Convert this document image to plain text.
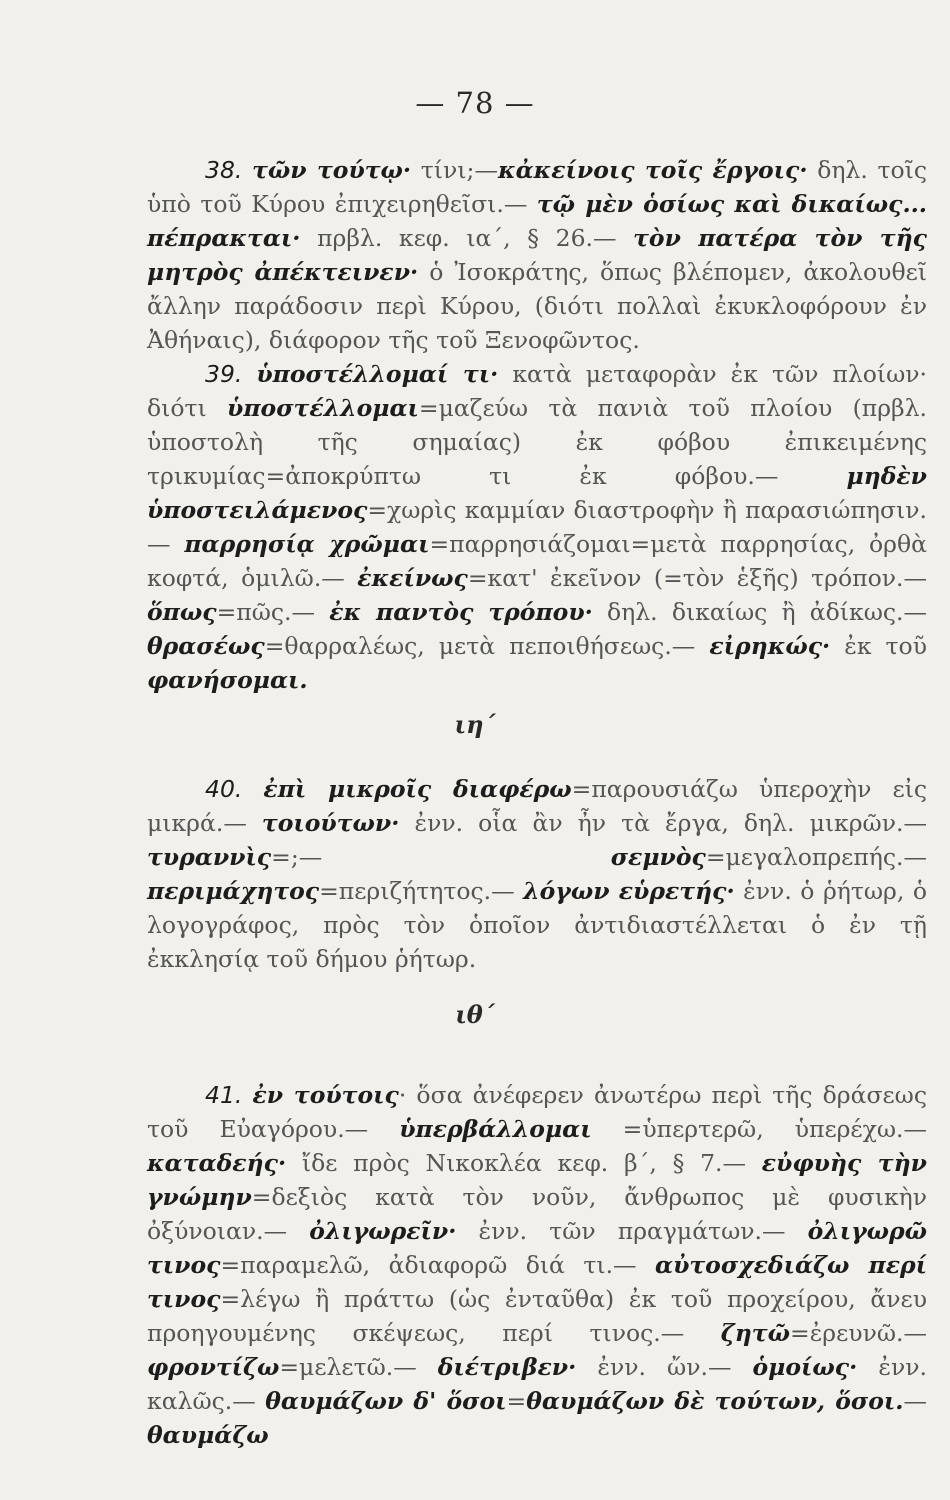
— 78 —

38. τῶν τούτῳ· τίνι;—κἀκείνοις τοῖς ἔργοις· δηλ. τοῖς ὑπὸ τοῦ Κύρου ἐπιχειρηθεῖσι.— τῷ μὲν ὁσίως καὶ δικαίως... πέπρακται· πρβλ. κεφ. ια΄, § 26.— τὸν πατέρα τὸν τῆς μητρὸς ἀπέκτεινεν· ὁ Ἰσοκράτης, ὅπως βλέπομεν, ἀκολουθεῖ ἄλλην παράδοσιν περὶ Κύρου, (διότι πολλαὶ ἐκυκλοφόρουν ἐν Ἀθήναις), διάφορον τῆς τοῦ Ξενοφῶντος.

39. ὑποστέλλομαί τι· κατὰ μεταφορὰν ἐκ τῶν πλοίων· διότι ὑποστέλλομαι=μαζεύω τὰ πανιὰ τοῦ πλοίου (πρβλ. ὑποστολὴ τῆς σημαίας) ἐκ φόβου ἐπικειμένης τρικυμίας=ἀποκρύπτω τι ἐκ φόβου.— μηδὲν ὑποστειλάμενος=χωρὶς καμμίαν διαστροφὴν ἢ παρασιώπησιν.— παρρησίᾳ χρῶμαι=παρρησιάζομαι=μετὰ παρρησίας, ὀρθὰ κοφτά, ὁμιλῶ.— ἐκείνως=κατ' ἐκεῖνον (=τὸν ἑξῆς) τρόπον.— ὅπως=πῶς.— ἐκ παντὸς τρόπου· δηλ. δικαίως ἢ ἀδίκως.— θρασέως=θαρραλέως, μετὰ πεποιθήσεως.— εἰρηκώς· ἐκ τοῦ φανήσομαι.

ιη΄

40. ἐπὶ μικροῖς διαφέρω=παρουσιάζω ὑπεροχὴν εἰς μικρά.— τοιούτων· ἐνν. οἷα ἂν ἦν τὰ ἔργα, δηλ. μικρῶν.— τυραννὶς=;— σεμνὸς=μεγαλοπρεπής.— περιμάχητος=περιζήτητος.— λόγων εὑρετής· ἐνν. ὁ ῥήτωρ, ὁ λογογράφος, πρὸς τὸν ὁποῖον ἀντιδιαστέλλεται ὁ ἐν τῇ ἐκκλησίᾳ τοῦ δήμου ῥήτωρ.

ιθ΄

41. ἐν τούτοις· ὅσα ἀνέφερεν ἀνωτέρω περὶ τῆς δράσεως τοῦ Εὐαγόρου.— ὑπερβάλλομαι =ὑπερτερῶ, ὑπερέχω.— καταδεής· ἴδε πρὸς Νικοκλέα κεφ. β΄, § 7.— εὐφυὴς τὴν γνώμην=δεξιὸς κατὰ τὸν νοῦν, ἄνθρωπος μὲ φυσικὴν ὀξύνοιαν.— ὀλιγωρεῖν· ἐνν. τῶν πραγμάτων.— ὀλιγωρῶ τινος=παραμελῶ, ἀδιαφορῶ διά τι.— αὐτοσχεδιάζω περί τινος=λέγω ἢ πράττω (ὡς ἐνταῦθα) ἐκ τοῦ προχείρου, ἄνευ προηγουμένης σκέψεως, περί τινος.— ζητῶ=ἐρευνῶ.— φροντίζω=μελετῶ.— διέτριβεν· ἐνν. ὤν.— ὁμοίως· ἐνν. καλῶς.— θαυμάζων δ' ὅσοι=θαυμάζων δὲ τούτων, ὅσοι.— θαυμάζω
